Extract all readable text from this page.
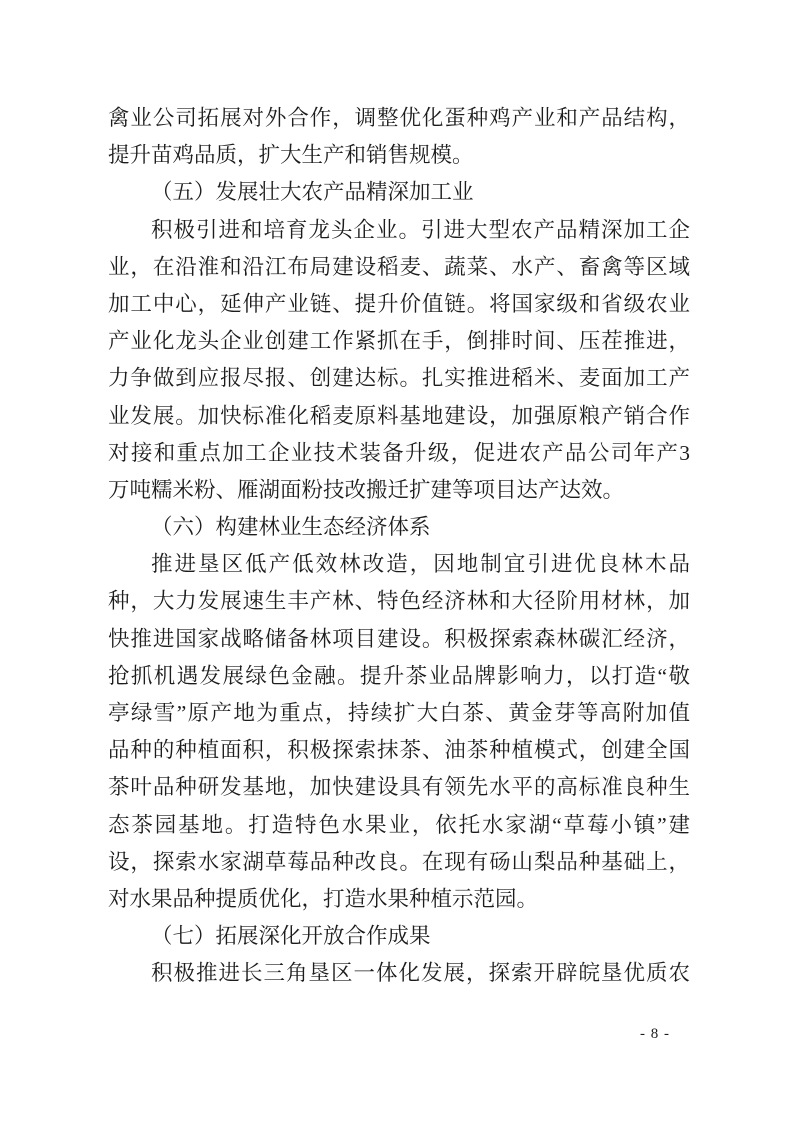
禽业公司拓展对外合作，调整优化蛋种鸡产业和产品结构，
提升苗鸡品质，扩大生产和销售规模。
（五）发展壮大农产品精深加工业
积极引进和培育龙头企业。引进大型农产品精深加工企
业，在沿淮和沿江布局建设稻麦、蔬菜、水产、畜禽等区域
加工中心，延伸产业链、提升价值链。将国家级和省级农业
产业化龙头企业创建工作紧抓在手，倒排时间、压茬推进，
力争做到应报尽报、创建达标。扎实推进稻米、麦面加工产
业发展。加快标准化稻麦原料基地建设，加强原粮产销合作
对接和重点加工企业技术装备升级，促进农产品公司年产3
万吨糯米粉、雁湖面粉技改搬迁扩建等项目达产达效。
（六）构建林业生态经济体系
推进垦区低产低效林改造，因地制宜引进优良林木品
种，大力发展速生丰产林、特色经济林和大径阶用材林，加
快推进国家战略储备林项目建设。积极探索森林碳汇经济，
抢抓机遇发展绿色金融。提升茶业品牌影响力，以打造“敬
亭绿雪”原产地为重点，持续扩大白茶、黄金芽等高附加值
品种的种植面积，积极探索抹茶、油茶种植模式，创建全国
茶叶品种研发基地，加快建设具有领先水平的高标准良种生
态茶园基地。打造特色水果业，依托水家湖“草莓小镇”建
设，探索水家湖草莓品种改良。在现有砀山梨品种基础上，
对水果品种提质优化，打造水果种植示范园。
（七）拓展深化开放合作成果
积极推进长三角垦区一体化发展，探索开辟皖垦优质农
- 8 -
